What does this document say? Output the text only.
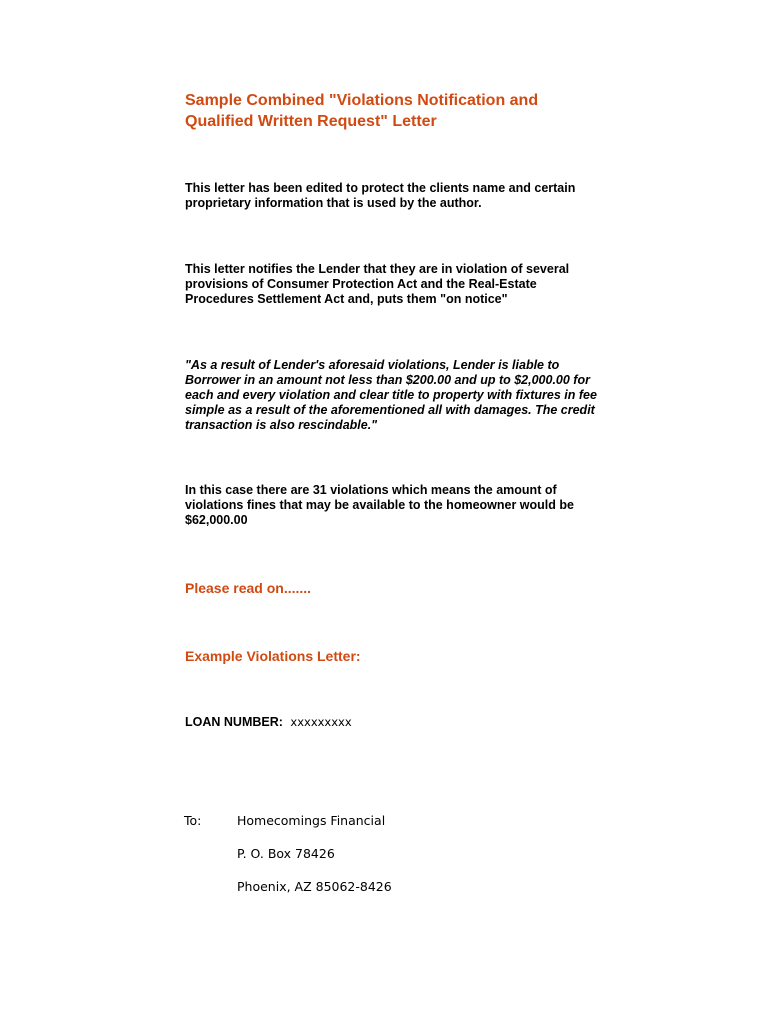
Sample Combined "Violations Notification and Qualified Written Request" Letter

This letter has been edited to protect the clients name and certain proprietary information that is used by the author.

This letter notifies the Lender that they are in violation of several provisions of Consumer Protection Act and the Real-Estate Procedures Settlement Act and, puts them "on notice"

"As a result of Lender's aforesaid violations, Lender is liable to Borrower in an amount not less than $200.00 and up to $2,000.00 for each and every violation and clear title to property with fixtures in fee simple as a result of the aforementioned all with damages. The credit transaction is also rescindable."

In this case there are 31 violations which means the amount of violations fines that may be available to the homeowner would be $62,000.00

Please read on.......
Example Violations Letter:
LOAN NUMBER: xxxxxxxxx
To:	Homecomings Financial
P. O. Box 78426
Phoenix, AZ 85062-8426
